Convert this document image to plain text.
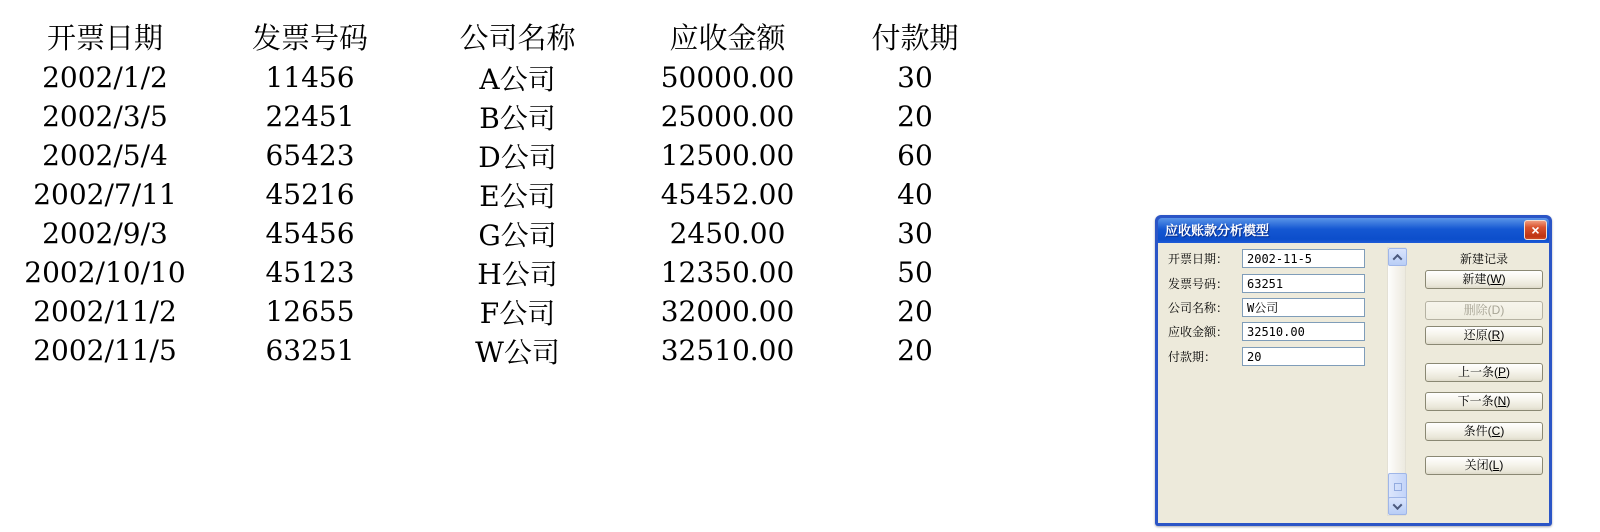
开票日期	发票号码	公司名称	应收金额	付款期
2002/1/2	11456	A公司	50000.00	30
2002/3/5	22451	B公司	25000.00	20
2002/5/4	65423	D公司	12500.00	60
2002/7/11	45216	E公司	45452.00	40
2002/9/3	45456	G公司	2450.00	30
2002/10/10	45123	H公司	12350.00	50
2002/11/2	12655	F公司	32000.00	20
2002/11/5	63251	W公司	32510.00	20
应收账款分析模型	×
新建记录
开票日期：
2002-11-5
发票号码：
63251
公司名称：
W公司
应收金额：
32510.00
付款期：
20
新建(W)
删除(D)
还原(R)
上一条(P)
下一条(N)
条件(C)
关闭(L)
